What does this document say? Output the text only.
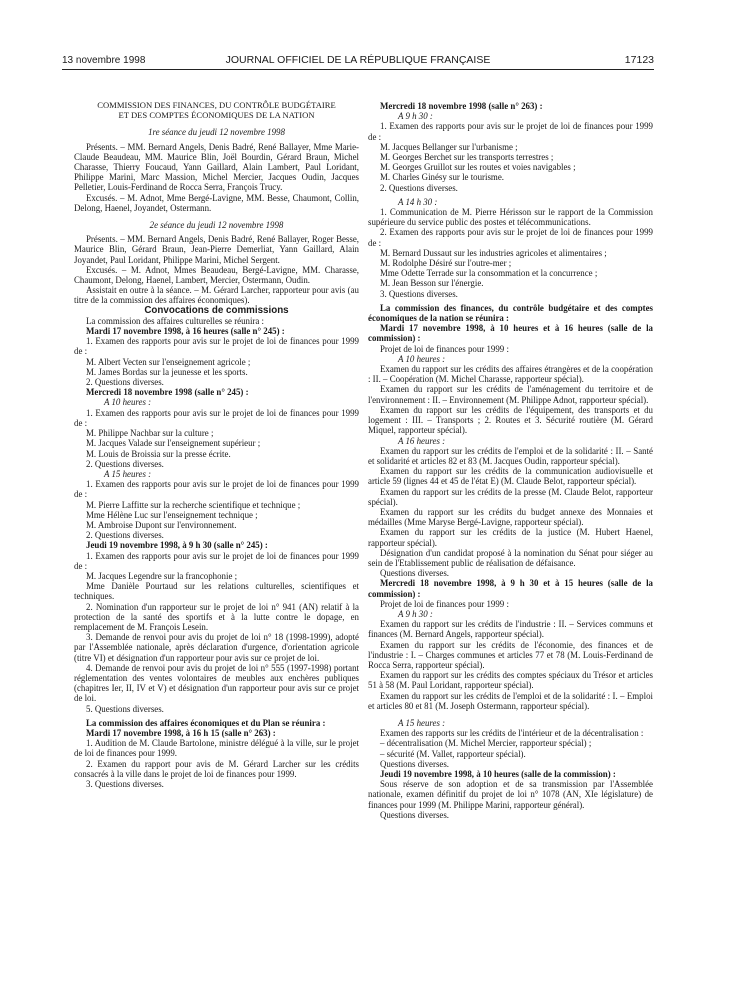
13 novembre 1998	JOURNAL OFFICIEL DE LA RÉPUBLIQUE FRANÇAISE	17123

COMMISSION DES FINANCES, DU CONTRÔLE BUDGÉTAIRE

ET DES COMPTES ÉCONOMIQUES DE LA NATION

1re séance du jeudi 12 novembre 1998

Présents. – MM. Bernard Angels, Denis Badré, René Ballayer, Mme Marie-Claude Beaudeau, MM. Maurice Blin, Joël Bourdin, Gérard Braun, Michel Charasse, Thierry Foucaud, Yann Gaillard, Alain Lambert, Paul Loridant, Philippe Marini, Marc Massion, Michel Mercier, Jacques Oudin, Jacques Pelletier, Louis-Ferdinand de Rocca Serra, François Trucy.

Excusés. – M. Adnot, Mme Bergé-Lavigne, MM. Besse, Chaumont, Collin, Delong, Haenel, Joyandet, Ostermann.

2e séance du jeudi 12 novembre 1998

Présents. – MM. Bernard Angels, Denis Badré, René Ballayer, Roger Besse, Maurice Blin, Gérard Braun, Jean-Pierre Demerliat, Yann Gaillard, Alain Joyandet, Paul Loridant, Philippe Marini, Michel Sergent.

Excusés. – M. Adnot, Mmes Beaudeau, Bergé-Lavigne, MM. Charasse, Chaumont, Delong, Haenel, Lambert, Mercier, Ostermann, Oudin.

Assistait en outre à la séance. – M. Gérard Larcher, rapporteur pour avis (au titre de la commission des affaires économiques).

Convocations de commissions

La commission des affaires culturelles se réunira :

Mardi 17 novembre 1998, à 16 heures (salle n° 245) :

1. Examen des rapports pour avis sur le projet de loi de finances pour 1999 de :

M. Albert Vecten sur l'enseignement agricole ;

M. James Bordas sur la jeunesse et les sports.

2. Questions diverses.

Mercredi 18 novembre 1998 (salle n° 245) :

A 10 heures :

1. Examen des rapports pour avis sur le projet de loi de finances pour 1999 de :

M. Philippe Nachbar sur la culture ;

M. Jacques Valade sur l'enseignement supérieur ;

M. Louis de Broissia sur la presse écrite.

2. Questions diverses.

A 15 heures :

1. Examen des rapports pour avis sur le projet de loi de finances pour 1999 de :

M. Pierre Laffitte sur la recherche scientifique et technique ;

Mme Hélène Luc sur l'enseignement technique ;

M. Ambroise Dupont sur l'environnement.

2. Questions diverses.

Jeudi 19 novembre 1998, à 9 h 30 (salle n° 245) :

1. Examen des rapports pour avis sur le projet de loi de finances pour 1999 de :

M. Jacques Legendre sur la francophonie ;

Mme Danièle Pourtaud sur les relations culturelles, scientifiques et techniques.

2. Nomination d'un rapporteur sur le projet de loi n° 941 (AN) relatif à la protection de la santé des sportifs et à la lutte contre le dopage, en remplacement de M. François Lesein.

3. Demande de renvoi pour avis du projet de loi n° 18 (1998-1999), adopté par l'Assemblée nationale, après déclaration d'urgence, d'orientation agricole (titre VI) et désignation d'un rapporteur pour avis sur ce projet de loi.

4. Demande de renvoi pour avis du projet de loi n° 555 (1997-1998) portant réglementation des ventes volontaires de meubles aux enchères publiques (chapitres Ier, II, IV et V) et désignation d'un rapporteur pour avis sur ce projet de loi.

5. Questions diverses.

La commission des affaires économiques et du Plan se réunira :

Mardi 17 novembre 1998, à 16 h 15 (salle n° 263) :

1. Audition de M. Claude Bartolone, ministre délégué à la ville, sur le projet de loi de finances pour 1999.

2. Examen du rapport pour avis de M. Gérard Larcher sur les crédits consacrés à la ville dans le projet de loi de finances pour 1999.

3. Questions diverses.

Mercredi 18 novembre 1998 (salle n° 263) :

A 9 h 30 :

1. Examen des rapports pour avis sur le projet de loi de finances pour 1999 de :

M. Jacques Bellanger sur l'urbanisme ;

M. Georges Berchet sur les transports terrestres ;

M. Georges Gruillot sur les routes et voies navigables ;

M. Charles Ginésy sur le tourisme.

2. Questions diverses.

A 14 h 30 :

1. Communication de M. Pierre Hérisson sur le rapport de la Commission supérieure du service public des postes et télécommunications.

2. Examen des rapports pour avis sur le projet de loi de finances pour 1999 de :

M. Bernard Dussaut sur les industries agricoles et alimentaires ;

M. Rodolphe Désiré sur l'outre-mer ;

Mme Odette Terrade sur la consommation et la concurrence ;

M. Jean Besson sur l'énergie.

3. Questions diverses.

La commission des finances, du contrôle budgétaire et des comptes économiques de la nation se réunira :

Mardi 17 novembre 1998, à 10 heures et à 16 heures (salle de la commission) :

Projet de loi de finances pour 1999 :

A 10 heures :

Examen du rapport sur les crédits des affaires étrangères et de la coopération : II. – Coopération (M. Michel Charasse, rapporteur spécial).

Examen du rapport sur les crédits de l'aménagement du territoire et de l'environnement : II. – Environnement (M. Philippe Adnot, rapporteur spécial).

Examen du rapport sur les crédits de l'équipement, des transports et du logement : III. – Transports ; 2. Routes et 3. Sécurité routière (M. Gérard Miquel, rapporteur spécial).

A 16 heures :

Examen du rapport sur les crédits de l'emploi et de la solidarité : II. – Santé et solidarité et articles 82 et 83 (M. Jacques Oudin, rapporteur spécial).

Examen du rapport sur les crédits de la communication audiovisuelle et article 59 (lignes 44 et 45 de l'état E) (M. Claude Belot, rapporteur spécial).

Examen du rapport sur les crédits de la presse (M. Claude Belot, rapporteur spécial).

Examen du rapport sur les crédits du budget annexe des Monnaies et médailles (Mme Maryse Bergé-Lavigne, rapporteur spécial).

Examen du rapport sur les crédits de la justice (M. Hubert Haenel, rapporteur spécial).

Désignation d'un candidat proposé à la nomination du Sénat pour siéger au sein de l'Etablissement public de réalisation de défaisance.

Questions diverses.

Mercredi 18 novembre 1998, à 9 h 30 et à 15 heures (salle de la commission) :

Projet de loi de finances pour 1999 :

A 9 h 30 :

Examen du rapport sur les crédits de l'industrie : II. – Services communs et finances (M. Bernard Angels, rapporteur spécial).

Examen du rapport sur les crédits de l'économie, des finances et de l'industrie : I. – Charges communes et articles 77 et 78 (M. Louis-Ferdinand de Rocca Serra, rapporteur spécial).

Examen du rapport sur les crédits des comptes spéciaux du Trésor et articles 51 à 58 (M. Paul Loridant, rapporteur spécial).

Examen du rapport sur les crédits de l'emploi et de la solidarité : I. – Emploi et articles 80 et 81 (M. Joseph Ostermann, rapporteur spécial).

A 15 heures :

Examen des rapports sur les crédits de l'intérieur et de la décentralisation :

– décentralisation (M. Michel Mercier, rapporteur spécial) ;

– sécurité (M. Vallet, rapporteur spécial).

Questions diverses.

Jeudi 19 novembre 1998, à 10 heures (salle de la commission) :

Sous réserve de son adoption et de sa transmission par l'Assemblée nationale, examen définitif du projet de loi n° 1078 (AN, XIe législature) de finances pour 1999 (M. Philippe Marini, rapporteur général).

Questions diverses.
